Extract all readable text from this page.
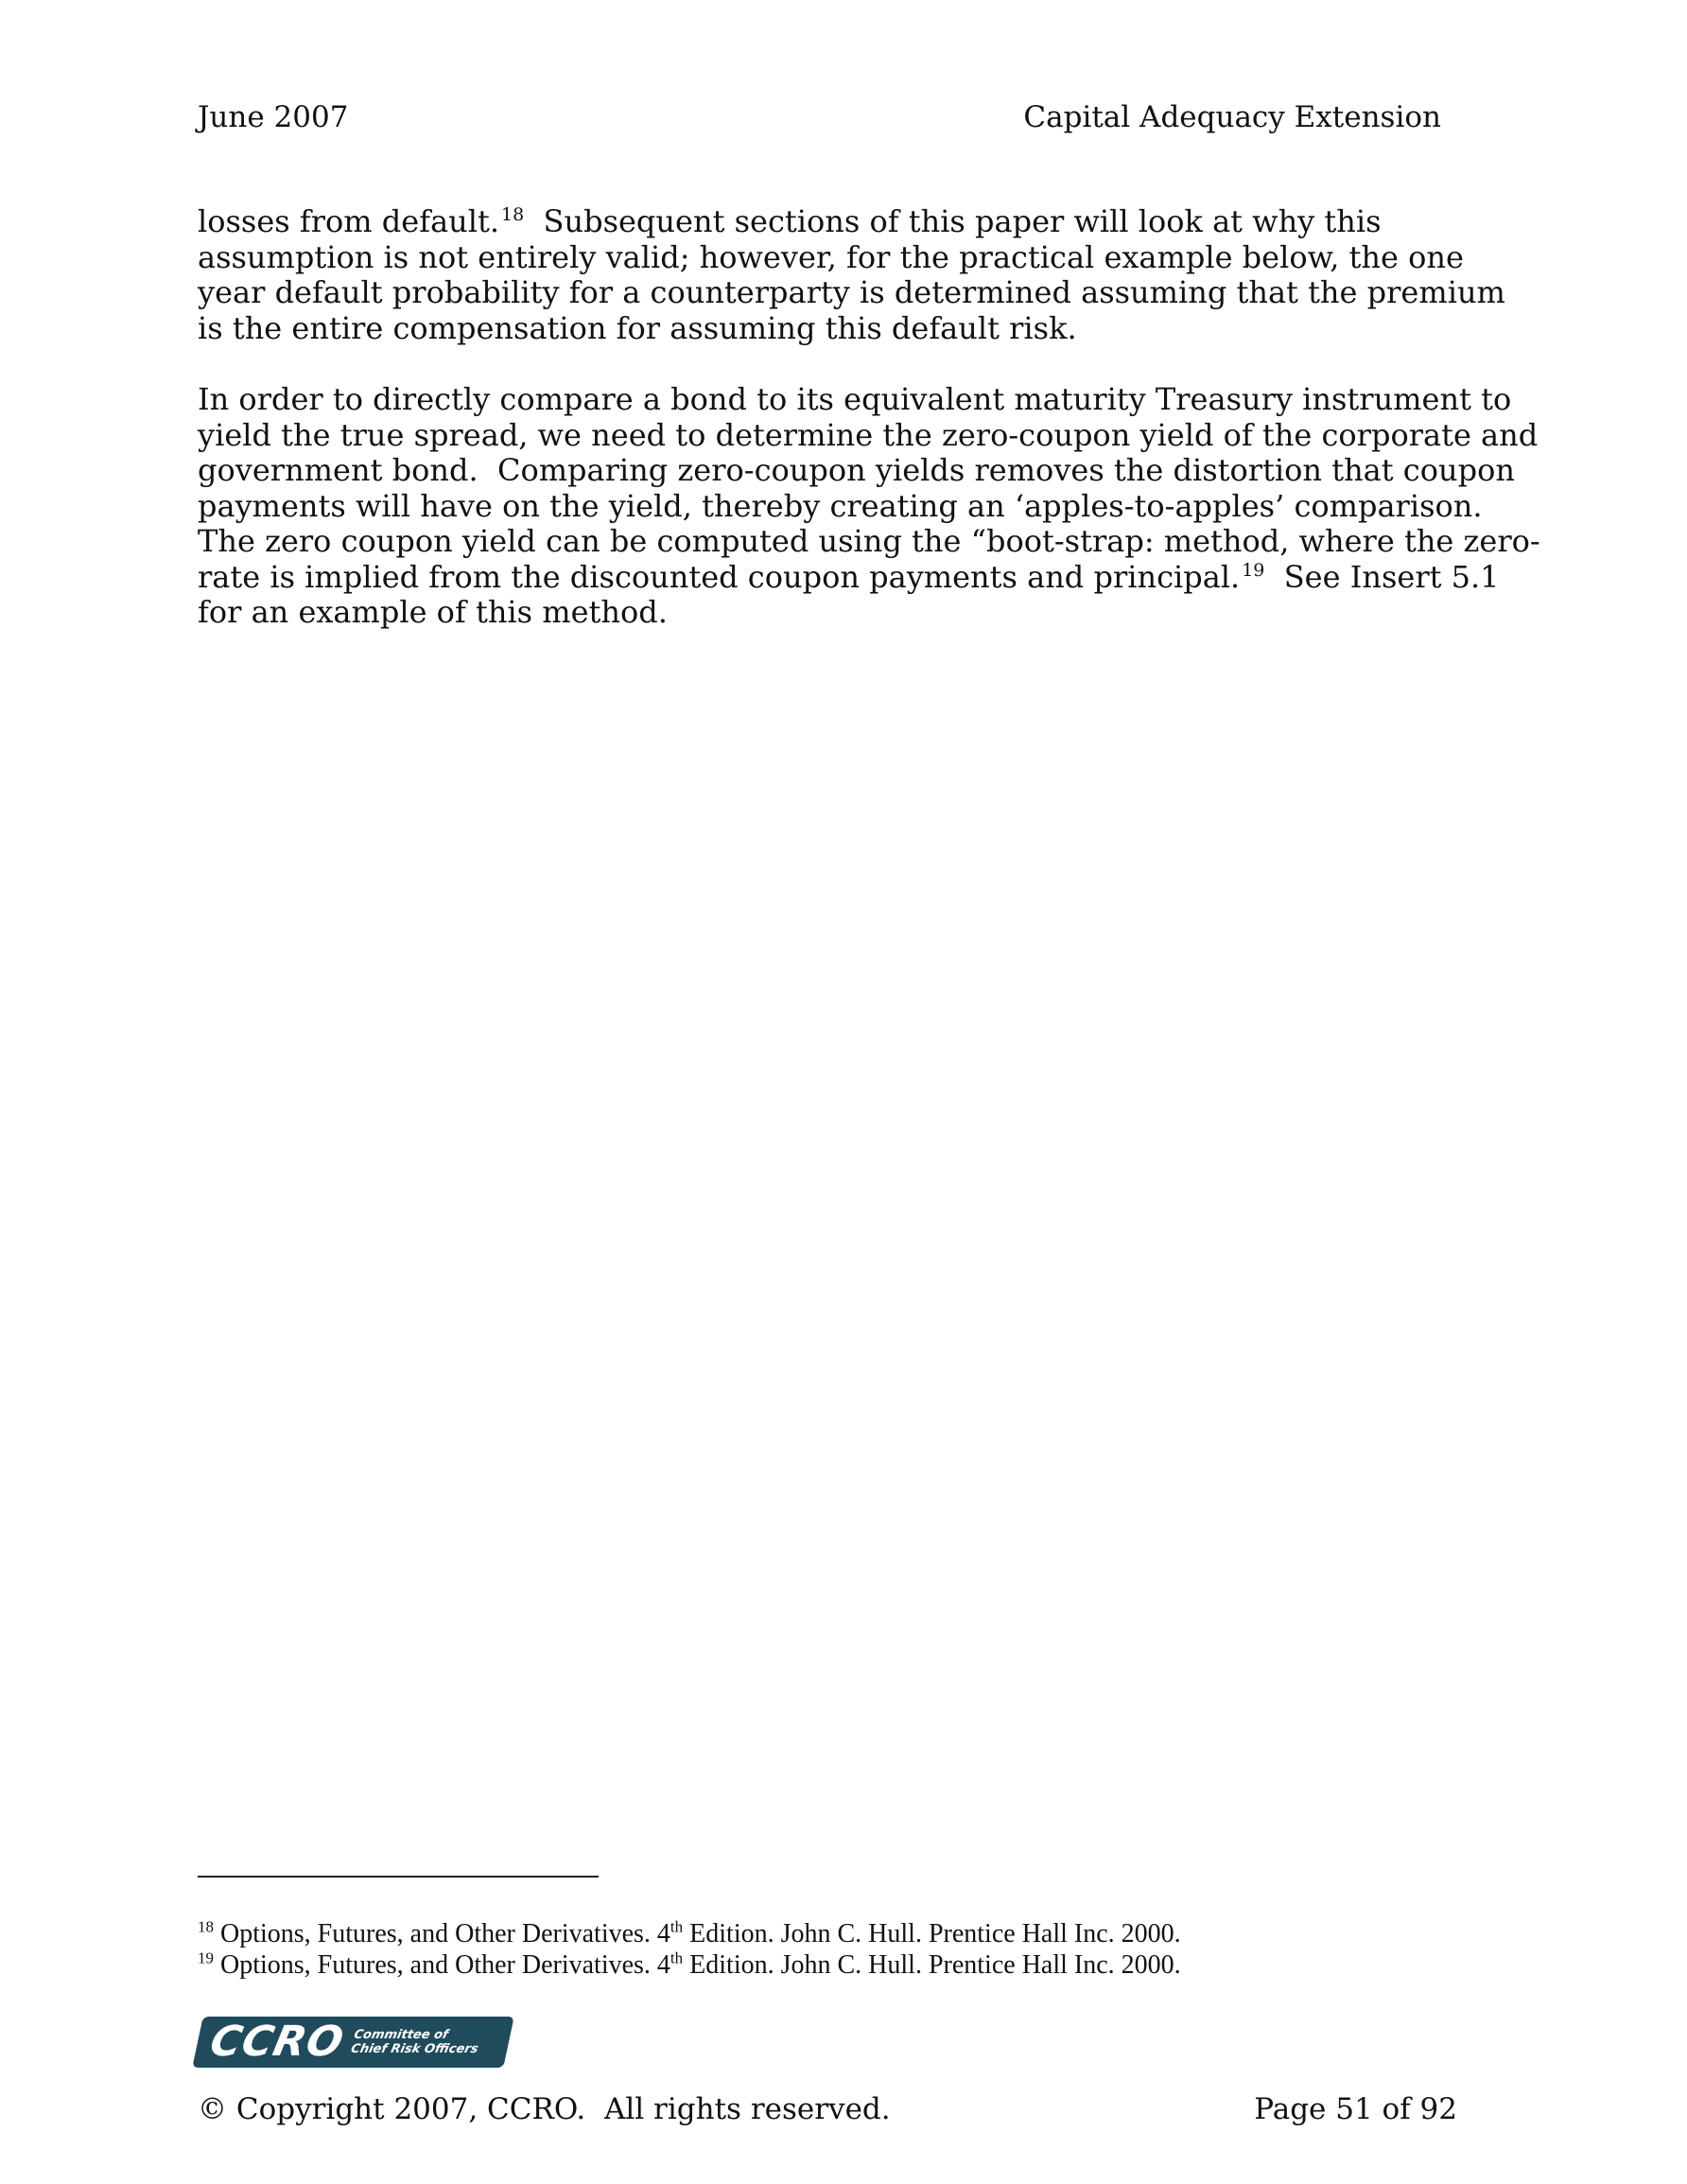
June 2007	Capital Adequacy Extension

losses from default. $^{18}$  Subsequent sections of this paper will look at why this

assumption is not entirely valid; however, for the practical example below, the one

year default probability for a counterparty is determined assuming that the premium

is the entire compensation for assuming this default risk.

In order to directly compare a bond to its equivalent maturity Treasury instrument to

yield the true spread, we need to determine the zero-coupon yield of the corporate and

government bond.  Comparing zero-coupon yields removes the distortion that coupon

payments will have on the yield, thereby creating an ‘apples-to-apples’ comparison.

The zero coupon yield can be computed using the “boot-strap: method, where the zero-

rate is implied from the discounted coupon payments and principal. $^{19}$  See Insert 5.1

for an example of this method.

$^{18}$ Options, Futures, and Other Derivatives. 4th Edition. John C. Hull. Prentice Hall Inc. 2000.

$^{19}$ Options, Futures, and Other Derivatives. 4th Edition. John C. Hull. Prentice Hall Inc. 2000.

CCRO Committee of
Chief Risk Officers
© Copyright 2007, CCRO.  All rights reserved.	Page 51 of 92
